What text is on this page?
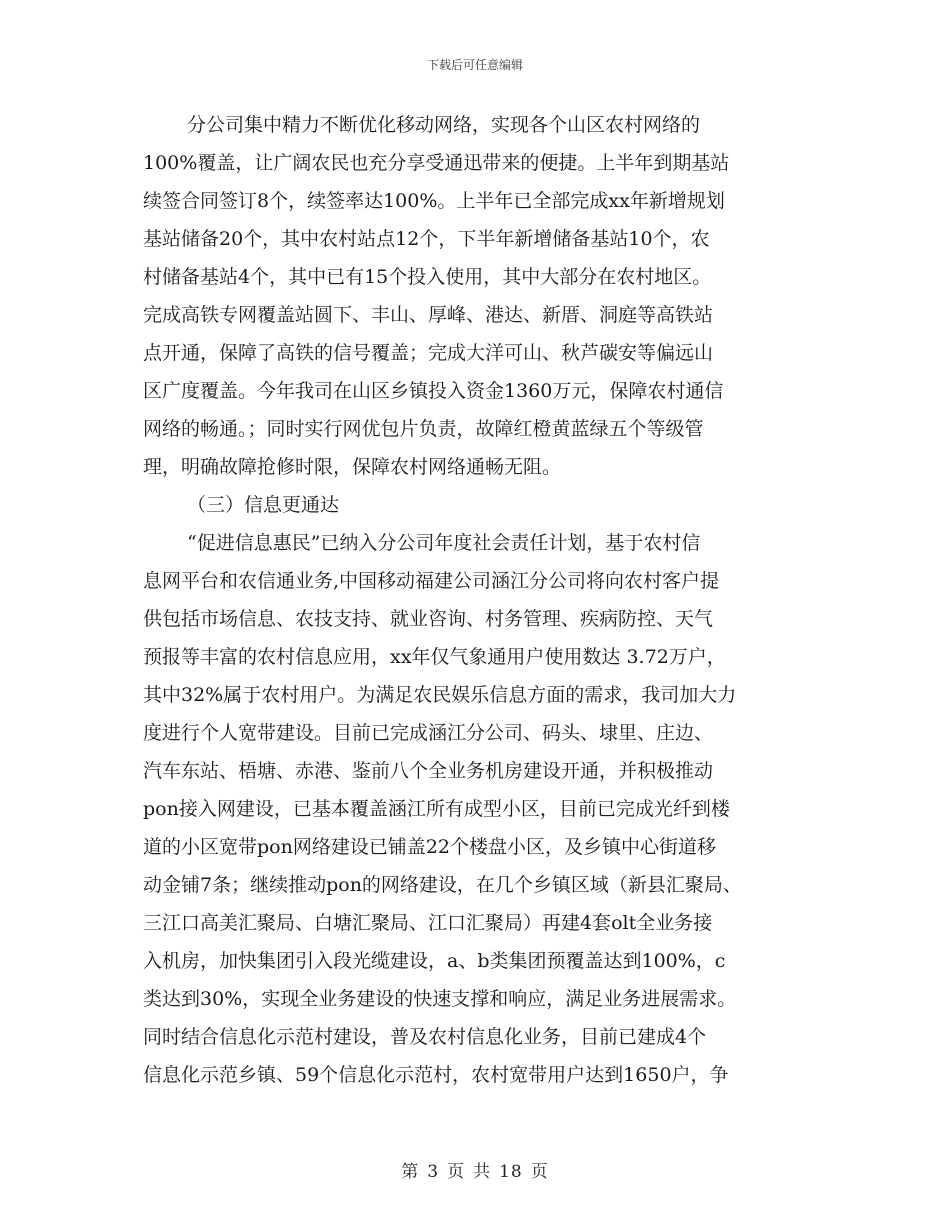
下载后可任意编辑
分公司集中精力不断优化移动网络，实现各个山区农村网络的
100%覆盖，让广阔农民也充分享受通迅带来的便捷。上半年到期基站
续签合同签订8个，续签率达100%。上半年已全部完成xx年新增规划
基站储备20个，其中农村站点12个，下半年新增储备基站10个，农
村储备基站4个，其中已有15个投入使用，其中大部分在农村地区。
完成高铁专网覆盖站圆下、丰山、厚峰、港达、新厝、洞庭等高铁站
点开通，保障了高铁的信号覆盖；完成大洋可山、秋芦碳安等偏远山
区广度覆盖。今年我司在山区乡镇投入资金1360万元，保障农村通信
网络的畅通。；同时实行网优包片负责，故障红橙黄蓝绿五个等级管
理，明确故障抢修时限，保障农村网络通畅无阻。
（三）信息更通达
“促进信息惠民”已纳入分公司年度社会责任计划，基于农村信
息网平台和农信通业务,中国移动福建公司涵江分公司将向农村客户提
供包括市场信息、农技支持、就业咨询、村务管理、疾病防控、天气
预报等丰富的农村信息应用，xx年仅气象通用户使用数达 3.72万户，
其中32%属于农村用户。为满足农民娱乐信息方面的需求，我司加大力
度进行个人宽带建设。目前已完成涵江分公司、码头、埭里、庄边、
汽车东站、梧塘、赤港、鉴前八个全业务机房建设开通，并积极推动
pon接入网建设，已基本覆盖涵江所有成型小区，目前已完成光纤到楼
道的小区宽带pon网络建设已铺盖22个楼盘小区，及乡镇中心街道移
动金铺7条；继续推动pon的网络建设，在几个乡镇区域（新县汇聚局、
三江口高美汇聚局、白塘汇聚局、江口汇聚局）再建4套olt全业务接
入机房，加快集团引入段光缆建设，a、b类集团预覆盖达到100%，c
类达到30%，实现全业务建设的快速支撑和响应，满足业务进展需求。
同时结合信息化示范村建设，普及农村信息化业务，目前已建成4个
信息化示范乡镇、59个信息化示范村，农村宽带用户达到1650户，争
第 3 页 共 18 页
